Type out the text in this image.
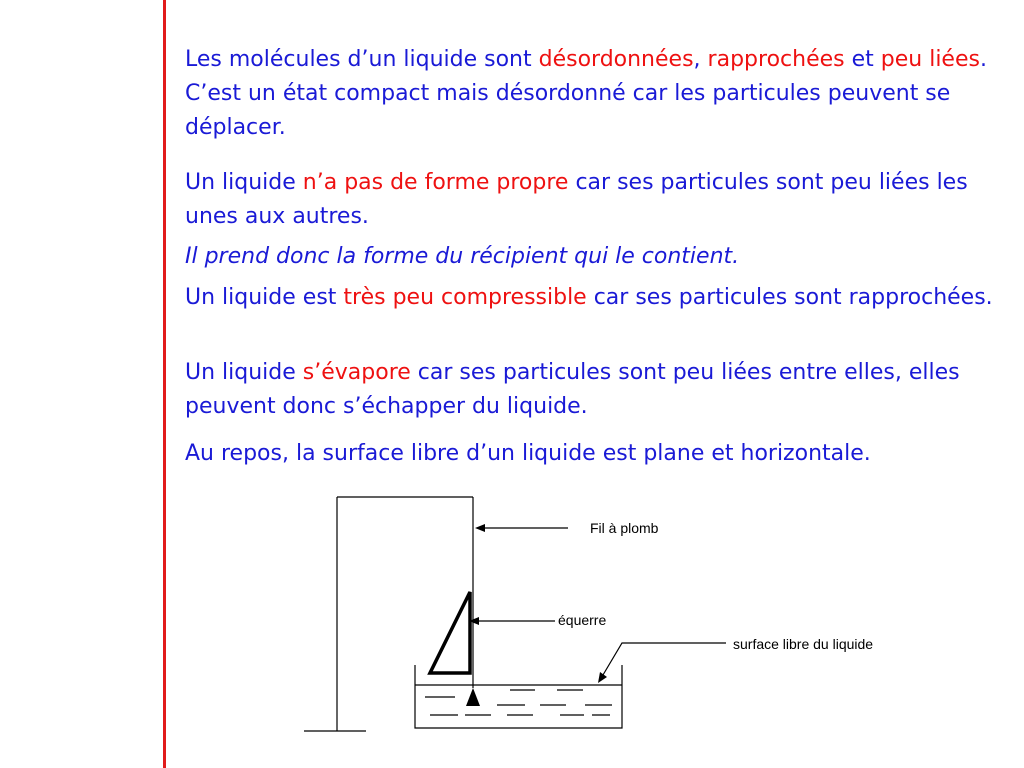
Les molécules d’un liquide sont désordonnées, rapprochées et peu liées. C’est un état compact mais désordonné car les particules peuvent se déplacer.

Un liquide n’a pas de forme propre car ses particules sont peu liées les unes aux autres.

Il prend donc la forme du récipient qui le contient.

Un liquide est très peu compressible car ses particules sont rapprochées.

Un liquide s’évapore car ses particules sont peu liées entre elles, elles peuvent donc s’échapper du liquide.

Au repos, la surface libre d’un liquide est plane et horizontale.

Fil à plomb
équerre
surface libre du liquide
